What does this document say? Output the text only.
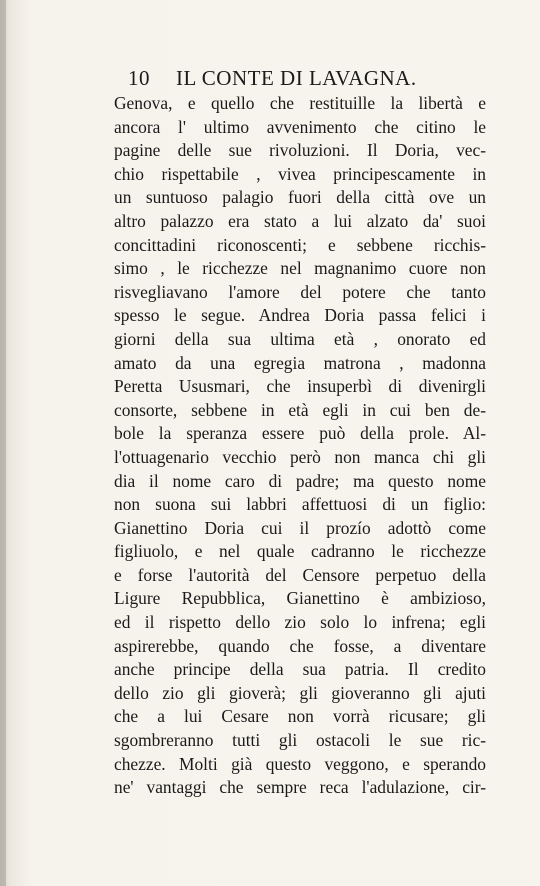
10 IL CONTE DI LAVAGNA.
Genova, e quello che restituille la libertà e
ancora l' ultimo avvenimento che citino le
pagine delle sue rivoluzioni. Il Doria, vec-
chio rispettabile , vivea principescamente in
un suntuoso palagio fuori della città ove un
altro palazzo era stato a lui alzato da' suoi
concittadini riconoscenti; e sebbene ricchis-
simo , le ricchezze nel magnanimo cuore non
risvegliavano l'amore del potere che tanto
spesso le segue. Andrea Doria passa felici i
giorni della sua ultima età , onorato ed
amato da una egregia matrona , madonna
Peretta Ususmari, che insuperbì di divenirgli
consorte, sebbene in età egli in cui ben de-
bole la speranza essere può della prole. Al-
l'ottuagenario vecchio però non manca chi gli
dia il nome caro di padre; ma questo nome
non suona sui labbri affettuosi di un figlio:
Gianettino Doria cui il prozío adottò come
figliuolo, e nel quale cadranno le ricchezze
e forse l'autorità del Censore perpetuo della
Ligure Repubblica, Gianettino è ambizioso,
ed il rispetto dello zio solo lo infrena; egli
aspirerebbe, quando che fosse, a diventare
anche principe della sua patria. Il credito
dello zio gli gioverà; gli gioveranno gli ajuti
che a lui Cesare non vorrà ricusare; gli
sgombreranno tutti gli ostacoli le sue ric-
chezze. Molti già questo veggono, e sperando
ne' vantaggi che sempre reca l'adulazione, cir-
